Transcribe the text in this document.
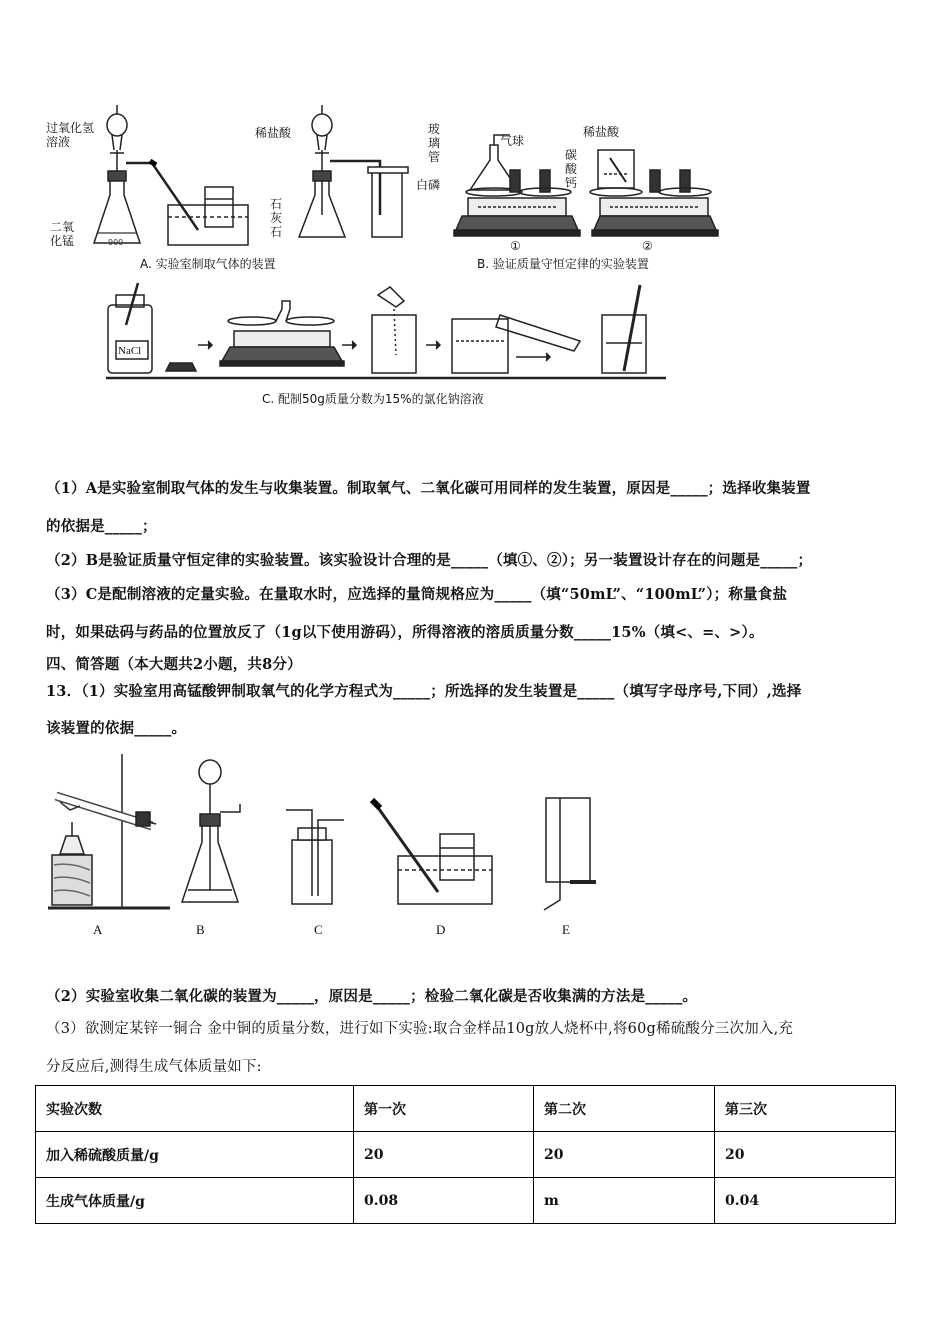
过氧化氢溶液
二氧化锰
稀盐酸
石灰石
900
A. 实验室制取气体的装置
玻璃管
气球
白磷
稀盐酸
碳酸钙
①	②
B. 验证质量守恒定律的实验装置
NaCl
C. 配制50g质量分数为15%的氯化钠溶液
（1）A是实验室制取气体的发生与收集装置。制取氧气、二氧化碳可用同样的发生装置，原因是_____；选择收集装置
的依据是_____；
（2）B是验证质量守恒定律的实验装置。该实验设计合理的是_____（填①、②）；另一装置设计存在的问题是_____；
（3）C是配制溶液的定量实验。在量取水时，应选择的量筒规格应为_____（填“50mL”、“100mL”）；称量食盐
时，如果砝码与药品的位置放反了（1g以下使用游码），所得溶液的溶质质量分数_____15%（填<、=、>）。
四、简答题（本大题共2小题，共8分）
13．（1）实验室用高锰酸钾制取氧气的化学方程式为_____；所选择的发生装置是_____（填写字母序号,下同）,选择
该装置的依据_____。
A	B	C	D	E
（2）实验室收集二氧化碳的装置为_____，原因是_____；检验二氧化碳是否收集满的方法是_____。
（3）欲测定某锌一铜合 金中铜的质量分数，进行如下实验:取合金样品10g放人烧杯中,将60g稀硫酸分三次加入,充
分反应后,测得生成气体质量如下:
实验次数	第一次	第二次	第三次
加入稀硫酸质量/g	20	20	20
生成气体质量/g	0.08	m	0.04
